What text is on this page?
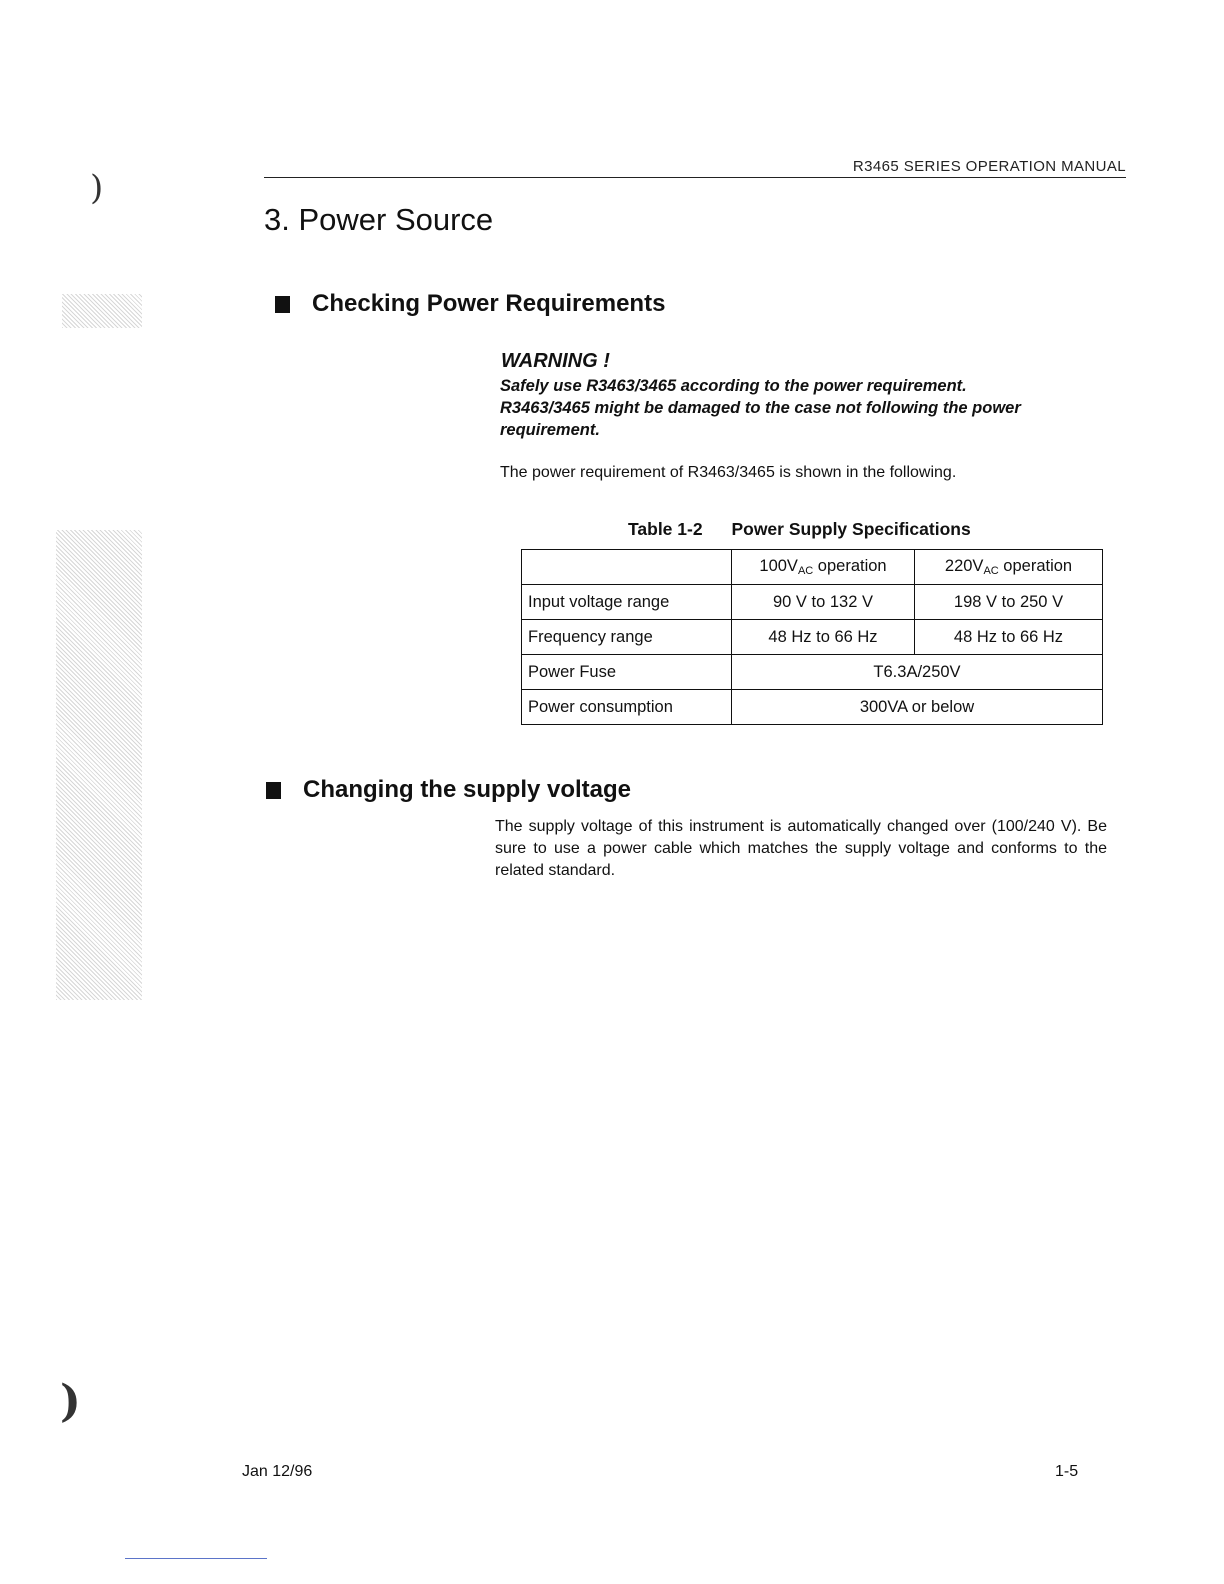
)
)
R3465 SERIES OPERATION MANUAL
3. Power Source
Checking Power Requirements
WARNING !
Safely use R3463/3465 according to the power requirement.
R3463/3465 might be damaged to the case not following the power requirement.
The power requirement of R3463/3465 is shown in the following.
Table 1-2 Power Supply Specifications
	$100V_{AC}$ operation	$220V_{AC}$ operation
Input voltage range	90 V to 132 V	198 V to 250 V
Frequency range	48 Hz to 66 Hz	48 Hz to 66 Hz
Power Fuse	T6.3A/250V	
Power consumption	300VA or below	
Changing the supply voltage
The supply voltage of this instrument is automatically changed over (100/240 V). Be sure to use a power cable which matches the supply voltage and conforms to the related standard.
Jan 12/96	1-5
